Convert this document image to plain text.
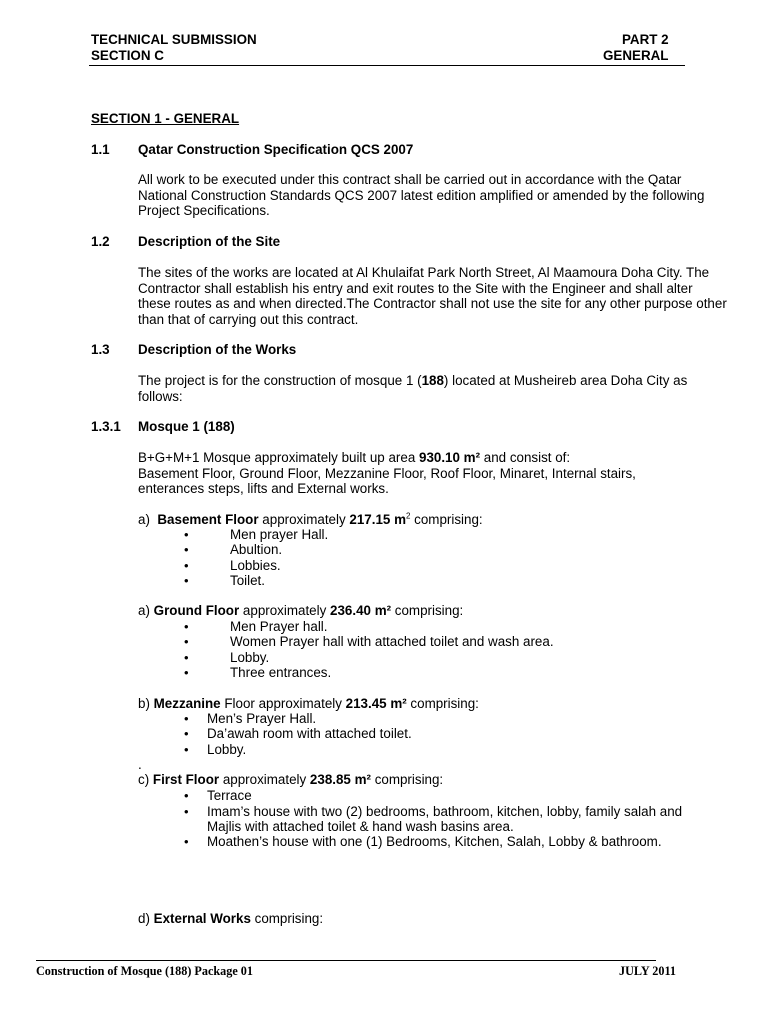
TECHNICAL SUBMISSION
SECTION C
PART 2
GENERAL
SECTION 1 - GENERAL
1.1 Qatar Construction Specification QCS 2007
All work to be executed under this contract shall be carried out in accordance with the Qatar National Construction Standards QCS 2007 latest edition amplified or amended by the following Project Specifications.
1.2 Description of the Site
The sites of the works are located at Al Khulaifat Park North Street, Al Maamoura Doha City. The Contractor shall establish his entry and exit routes to the Site with the Engineer and shall alter these routes as and when directed.The Contractor shall not use the site for any other purpose other than that of carrying out this contract.
1.3 Description of the Works
The project is for the construction of mosque 1 (188) located at Musheireb area Doha City as follows:
1.3.1 Mosque 1 (188)
B+G+M+1 Mosque approximately built up area 930.10 m² and consist of:
Basement Floor, Ground Floor, Mezzanine Floor, Roof Floor, Minaret, Internal stairs,
enterances steps, lifts and External works.
a) Basement Floor approximately 217.15 $m^2$ comprising:
•	Men prayer Hall.
•	Abultion.
•	Lobbies.
•	Toilet.
a) Ground Floor approximately 236.40 m² comprising:
•	Men Prayer hall.
•	Women Prayer hall with attached toilet and wash area.
•	Lobby.
•	Three entrances.
b) Mezzanine Floor approximately 213.45 m² comprising:
• Men’s Prayer Hall.
• Da’awah room with attached toilet.
• Lobby.
.
c) First Floor approximately 238.85 m² comprising:
• Terrace
• Imam’s house with two (2) bedrooms, bathroom, kitchen, lobby, family salah and
Majlis with attached toilet & hand wash basins area.
• Moathen’s house with one (1) Bedrooms, Kitchen, Salah, Lobby & bathroom.
d) External Works comprising:
Construction of Mosque (188) Package 01	JULY 2011
